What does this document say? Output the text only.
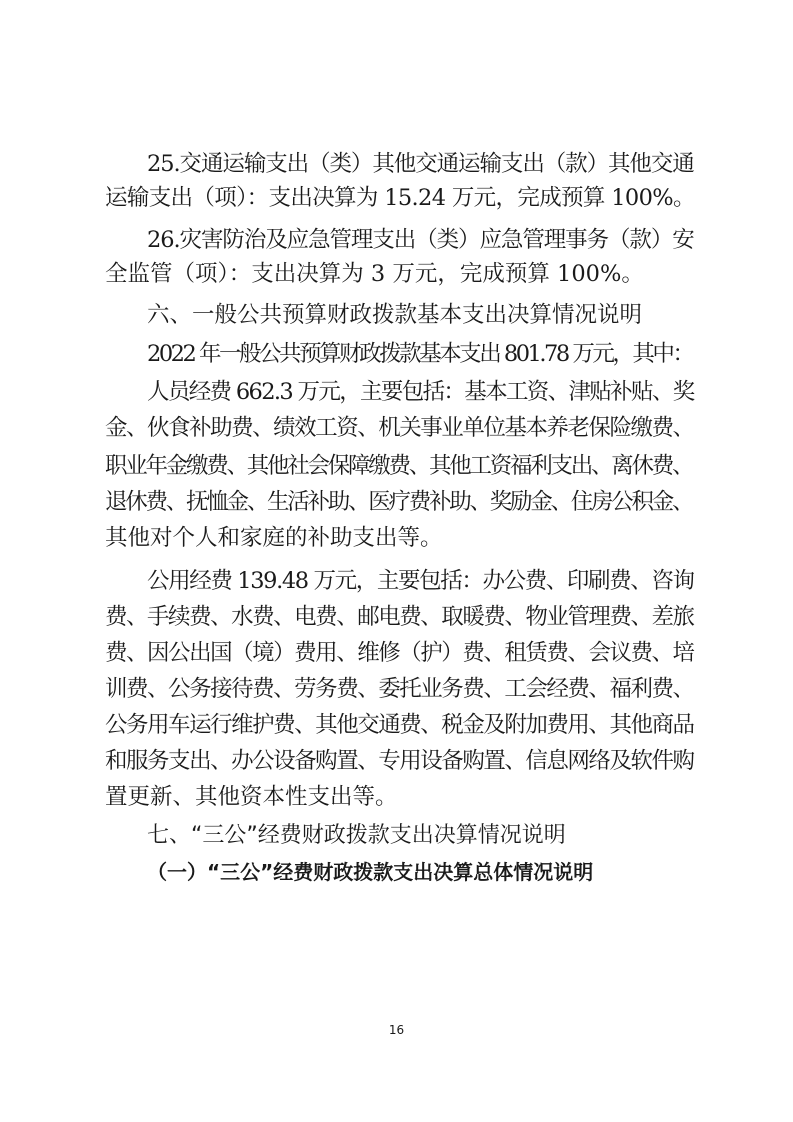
25.交通运输支出（类）其他交通运输支出（款）其他交通
运输支出（项）：支出决算为 15.24 万元，完成预算 100%。
26.灾害防治及应急管理支出（类）应急管理事务（款）安
全监管（项）：支出决算为 3 万元，完成预算 100%。
六、一般公共预算财政拨款基本支出决算情况说明
2022 年一般公共预算财政拨款基本支出 801.78 万元，其中：
人员经费 662.3 万元，主要包括：基本工资、津贴补贴、奖
金、伙食补助费、绩效工资、机关事业单位基本养老保险缴费、
职业年金缴费、其他社会保障缴费、其他工资福利支出、离休费、
退休费、抚恤金、生活补助、医疗费补助、奖励金、住房公积金、
其他对个人和家庭的补助支出等。
公用经费 139.48 万元，主要包括：办公费、印刷费、咨询
费、手续费、水费、电费、邮电费、取暖费、物业管理费、差旅
费、因公出国（境）费用、维修（护）费、租赁费、会议费、培
训费、公务接待费、劳务费、委托业务费、工会经费、福利费、
公务用车运行维护费、其他交通费、税金及附加费用、其他商品
和服务支出、办公设备购置、专用设备购置、信息网络及软件购
置更新、其他资本性支出等。
七、“三公”经费财政拨款支出决算情况说明
（一）“三公”经费财政拨款支出决算总体情况说明
16
